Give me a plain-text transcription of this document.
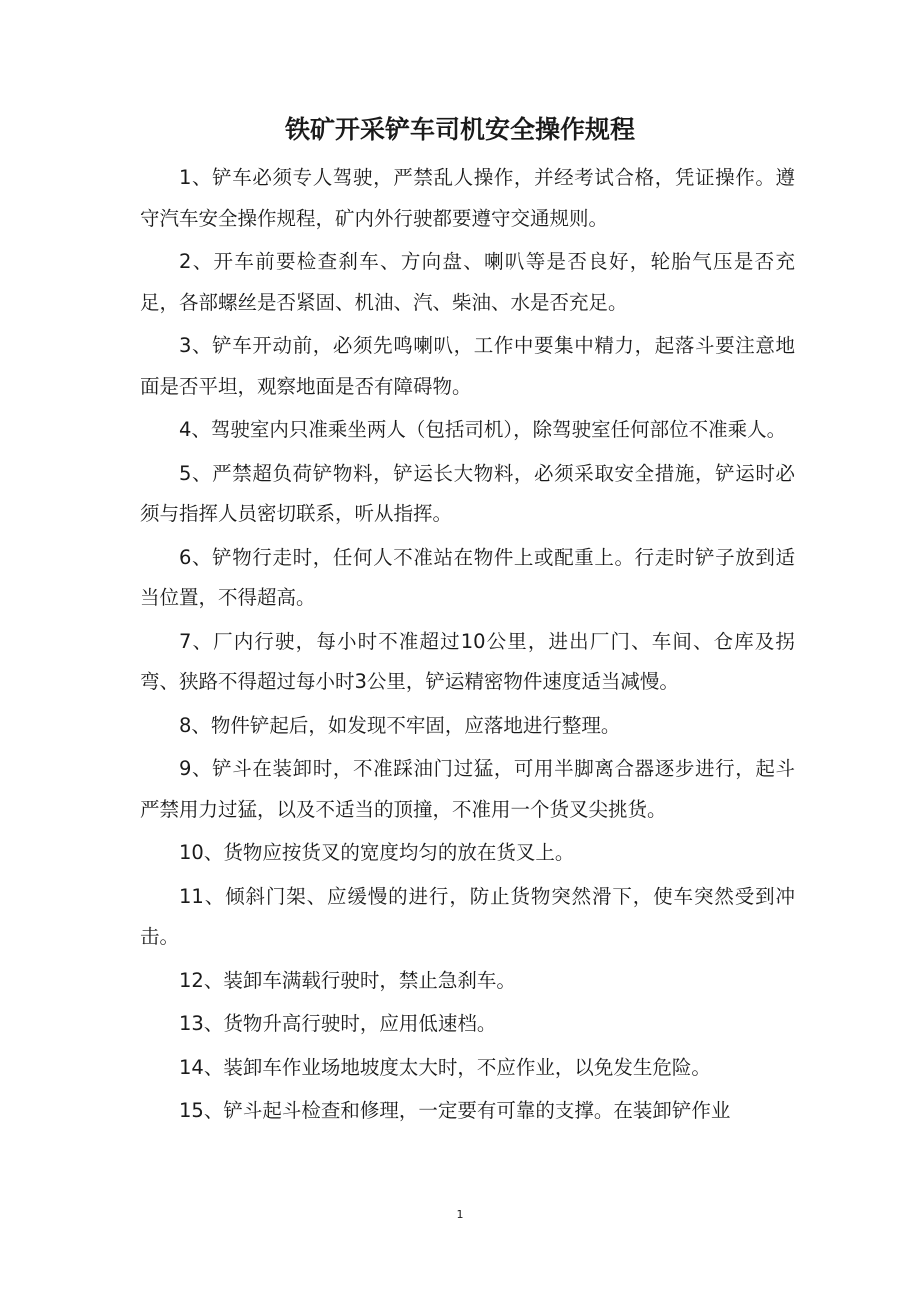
铁矿开采铲车司机安全操作规程

1、铲车必须专人驾驶，严禁乱人操作，并经考试合格，凭证操作。遵守汽车安全操作规程，矿内外行驶都要遵守交通规则。

2、开车前要检查刹车、方向盘、喇叭等是否良好，轮胎气压是否充足，各部螺丝是否紧固、机油、汽、柴油、水是否充足。

3、铲车开动前，必须先鸣喇叭，工作中要集中精力，起落斗要注意地面是否平坦，观察地面是否有障碍物。

4、驾驶室内只准乘坐两人（包括司机），除驾驶室任何部位不准乘人。

5、严禁超负荷铲物料，铲运长大物料，必须采取安全措施，铲运时必须与指挥人员密切联系，听从指挥。

6、铲物行走时，任何人不准站在物件上或配重上。行走时铲子放到适当位置，不得超高。

7、厂内行驶，每小时不准超过10公里，进出厂门、车间、仓库及拐弯、狭路不得超过每小时3公里，铲运精密物件速度适当减慢。

8、物件铲起后，如发现不牢固，应落地进行整理。

9、铲斗在装卸时，不准踩油门过猛，可用半脚离合器逐步进行，起斗严禁用力过猛，以及不适当的顶撞，不准用一个货叉尖挑货。

10、货物应按货叉的宽度均匀的放在货叉上。

11、倾斜门架、应缓慢的进行，防止货物突然滑下，使车突然受到冲击。

12、装卸车满载行驶时，禁止急刹车。

13、货物升高行驶时，应用低速档。

14、装卸车作业场地坡度太大时，不应作业，以免发生危险。

15、铲斗起斗检查和修理，一定要有可靠的支撑。在装卸铲作业

1
